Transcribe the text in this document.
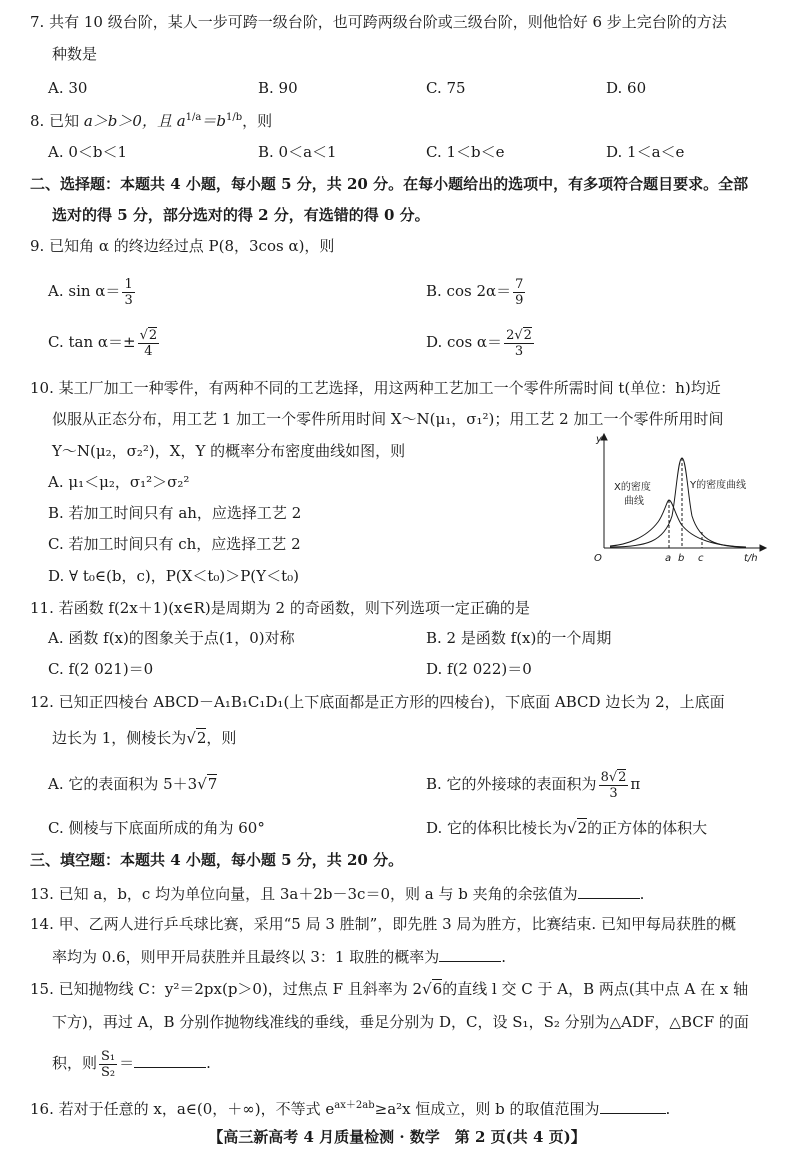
7. 共有 10 级台阶，某人一步可跨一级台阶，也可跨两级台阶或三级台阶，则他恰好 6 步上完台阶的方法
种数是
A. 30	B. 90	C. 75	D. 60
8. 已知 a＞b＞0，且 $a^{1/a}=b^{1/b}$，则
A. 0＜b＜1	B. 0＜a＜1	C. 1＜b＜e	D. 1＜a＜e
二、选择题：本题共 4 小题，每小题 5 分，共 20 分。在每小题给出的选项中，有多项符合题目要求。全部
选对的得 5 分，部分选对的得 2 分，有选错的得 0 分。
9. 已知角 α 的终边经过点 P(8，3cos α)，则
A. $\sin \alpha= \frac{1}{3}$	B. $\cos 2\alpha= \frac{7}{9}$
C. $\tan \alpha=\pm \frac{√2}{4}$	D. $\cos \alpha= \frac{2√2}{3}$
10. 某工厂加工一种零件，有两种不同的工艺选择，用这两种工艺加工一个零件所需时间 t(单位：h)均近
似服从正态分布，用工艺 1 加工一个零件所用时间 X～N(μ₁，σ₁²)；用工艺 2 加工一个零件所用时间
Y～N(μ₂，σ₂²)，X，Y 的概率分布密度曲线如图，则
A. μ₁＜μ₂，σ₁²＞σ₂²
B. 若加工时间只有 ah，应选择工艺 2
C. 若加工时间只有 ch，应选择工艺 2
D. ∀ t₀∈(b，c)，P(X＜t₀)＞P(Y＜t₀)
y
t/h
O
X的密度
曲线
Y的密度曲线
a b c
11. 若函数 f(2x＋1)(x∈R)是周期为 2 的奇函数，则下列选项一定正确的是
A. 函数 f(x)的图象关于点(1，0)对称	B. 2 是函数 f(x)的一个周期
C. f(2 021)＝0	D. f(2 022)＝0
12. 已知正四棱台 ABCD－A₁B₁C₁D₁(上下底面都是正方形的四棱台)，下底面 ABCD 边长为 2，上底面
边长为 1，侧棱长为√2，则
A. 它的表面积为 5＋3√7	B. 它的外接球的表面积为 $\frac{8√2}{3}$ π
C. 侧棱与下底面所成的角为 60°	D. 它的体积比棱长为√2的正方体的体积大
三、填空题：本题共 4 小题，每小题 5 分，共 20 分。
13. 已知 a，b，c 均为单位向量，且 3a＋2b－3c＝0，则 a 与 b 夹角的余弦值为	.
14. 甲、乙两人进行乒乓球比赛，采用“5 局 3 胜制”，即先胜 3 局为胜方，比赛结束. 已知甲每局获胜的概
率均为 0.6，则甲开局获胜并且最终以 3：1 取胜的概率为	.
15. 已知抛物线 C：y²＝2px(p＞0)，过焦点 F 且斜率为 2√6的直线 l 交 C 于 A，B 两点(其中点 A 在 x 轴
下方)，再过 A，B 分别作抛物线准线的垂线，垂足分别为 D，C，设 S₁，S₂ 分别为△ADF，△BCF 的面
积，则 $\frac{\text{S₁}}{\text{S₂}}$ ＝	.
16. 若对于任意的 x，a∈(0，＋∞)，不等式 $e^{ax+2ab}\ge a^2x$ 恒成立，则 b 的取值范围为	.
【高三新高考 4 月质量检测 · 数学　第 2 页(共 4 页)】
